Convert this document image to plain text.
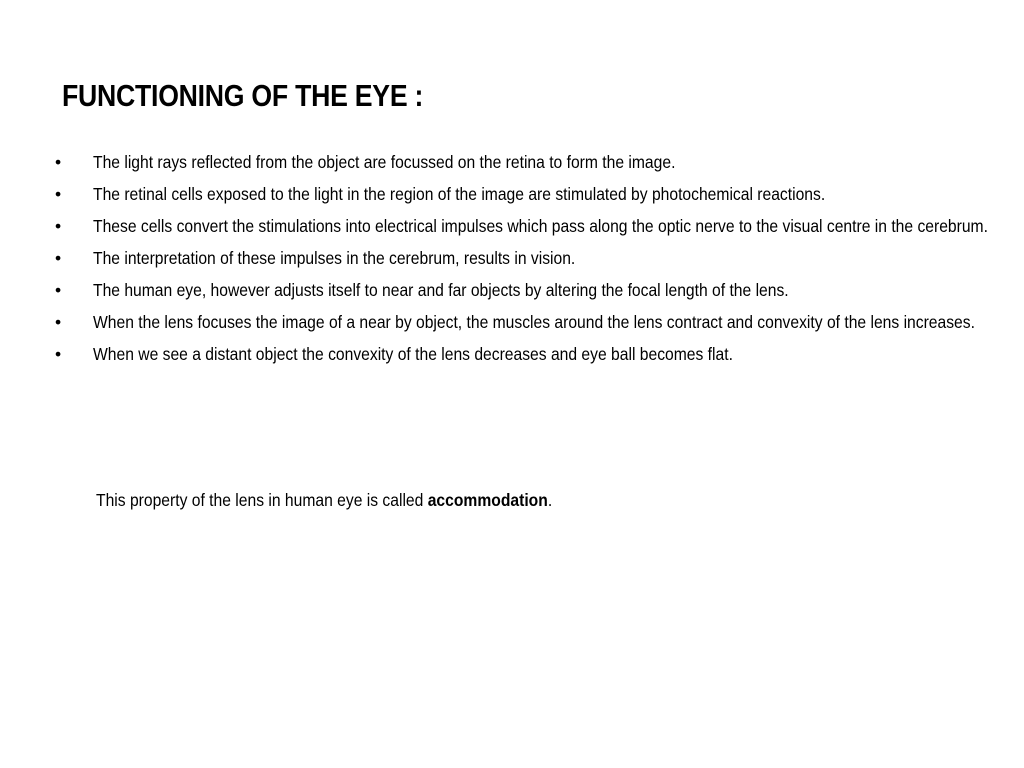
FUNCTIONING OF THE EYE :
• The light rays reflected from the object are focussed on the retina to form the image.
• The retinal cells exposed to the light in the region of the image are stimulated by photochemical reactions.
• These cells convert the stimulations into electrical impulses which pass along the optic nerve to the visual centre in the cerebrum.
• The interpretation of these impulses in the cerebrum, results in vision.
• The human eye, however adjusts itself to near and far objects by altering the focal length of the lens.
• When the lens focuses the image of a near by object, the muscles around the lens contract and convexity of the lens increases.
• When we see a distant object the convexity of the lens decreases and eye ball becomes flat.
This property of the lens in human eye is called accommodation.
